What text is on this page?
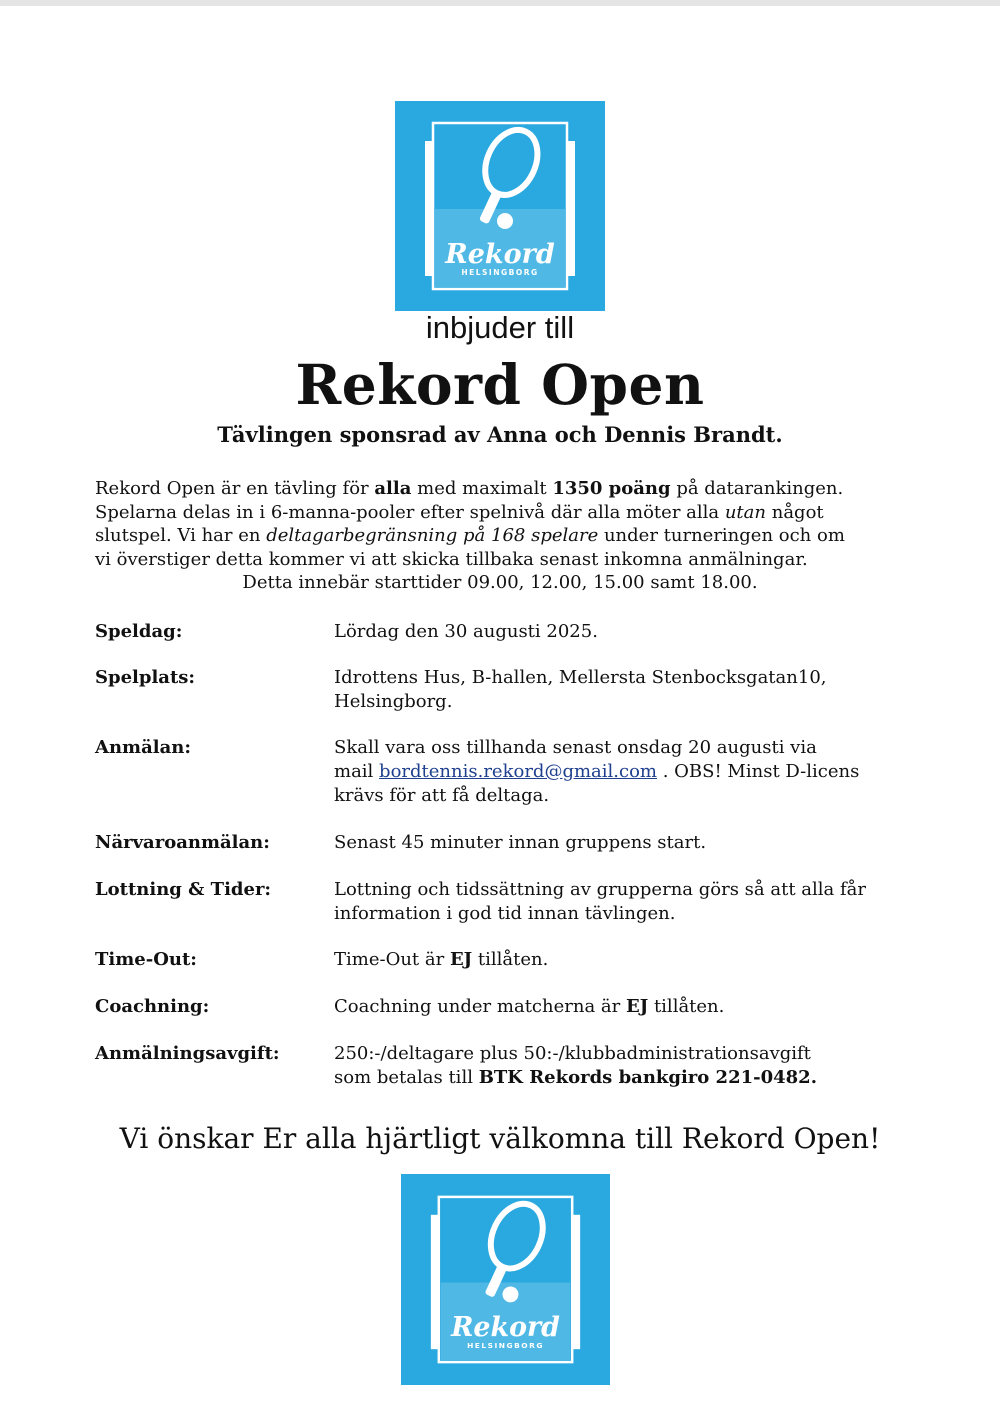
Rekord
HELSINGBORG
inbjuder till
Rekord Open
Tävlingen sponsrad av Anna och Dennis Brandt.
Rekord Open är en tävling för alla med maximalt 1350 poäng på datarankingen.
Spelarna delas in i 6-manna-pooler efter spelnivå där alla möter alla utan något
slutspel. Vi har en deltagarbegränsning på 168 spelare under turneringen och om
vi överstiger detta kommer vi att skicka tillbaka senast inkomna anmälningar.
Detta innebär starttider 09.00, 12.00, 15.00 samt 18.00.
Speldag:	Lördag den 30 augusti 2025.
Spelplats:	Idrottens Hus, B-hallen, Mellersta Stenbocksgatan10,
Helsingborg.
Anmälan:	Skall vara oss tillhanda senast onsdag 20 augusti via
mail bordtennis.rekord@gmail.com . OBS! Minst D-licens
krävs för att få deltaga.
Närvaroanmälan:	Senast 45 minuter innan gruppens start.
Lottning & Tider:	Lottning och tidssättning av grupperna görs så att alla får
information i god tid innan tävlingen.
Time-Out:	Time-Out är EJ tillåten.
Coachning:	Coachning under matcherna är EJ tillåten.
Anmälningsavgift:	250:-/deltagare plus 50:-/klubbadministrationsavgift
som betalas till BTK Rekords bankgiro 221-0482.
Vi önskar Er alla hjärtligt välkomna till Rekord Open!
Rekord
HELSINGBORG
